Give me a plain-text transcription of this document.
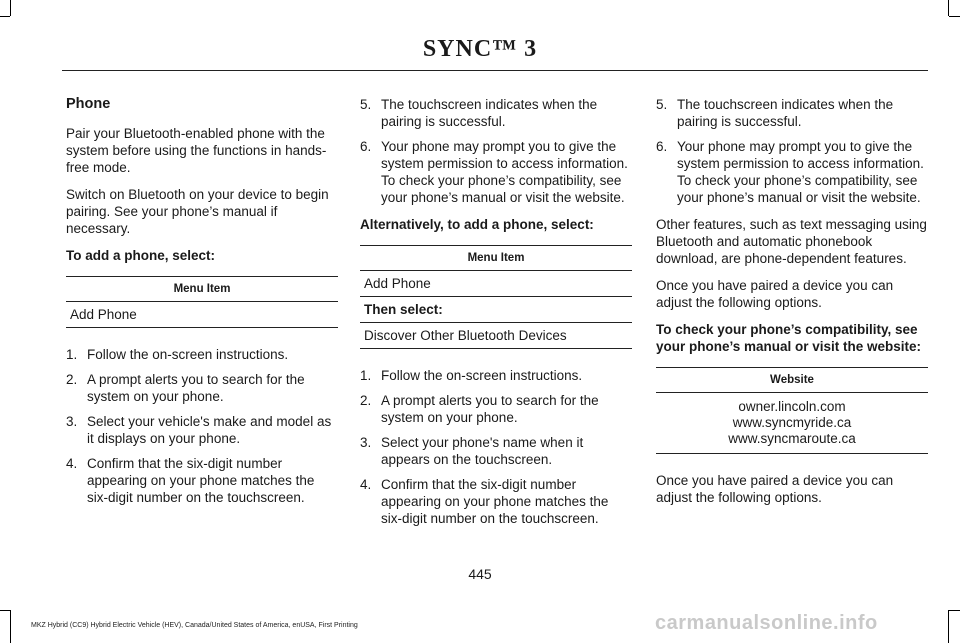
SYNC™ 3
Phone

Pair your Bluetooth-enabled phone with the system before using the functions in hands-free mode.

Switch on Bluetooth on your device to begin pairing. See your phone’s manual if necessary.

To add a phone, select:

Menu Item
Add Phone
1. Follow the on-screen instructions.
2. A prompt alerts you to search for the system on your phone.
3. Select your vehicle's make and model as it displays on your phone.
4. Confirm that the six-digit number appearing on your phone matches the six-digit number on the touchscreen.
5. The touchscreen indicates when the pairing is successful.
6. Your phone may prompt you to give the system permission to access information. To check your phone’s compatibility, see your phone’s manual or visit the website.

Alternatively, to add a phone, select:

Menu Item
Add Phone
Then select:
Discover Other Bluetooth Devices
1. Follow the on-screen instructions.
2. A prompt alerts you to search for the system on your phone.
3. Select your phone's name when it appears on the touchscreen.
4. Confirm that the six-digit number appearing on your phone matches the six-digit number on the touchscreen.
5. The touchscreen indicates when the pairing is successful.
6. Your phone may prompt you to give the system permission to access information. To check your phone’s compatibility, see your phone’s manual or visit the website.

Other features, such as text messaging using Bluetooth and automatic phonebook download, are phone-dependent features.

Once you have paired a device you can adjust the following options.

To check your phone’s compatibility, see your phone’s manual or visit the website:

Website

owner.lincoln.com
www.syncmyride.ca
www.syncmaroute.ca

Once you have paired a device you can adjust the following options.

445
MKZ Hybrid (CC9) Hybrid Electric Vehicle (HEV), Canada/United States of America, enUSA, First Printing	carmanualsonline.info
